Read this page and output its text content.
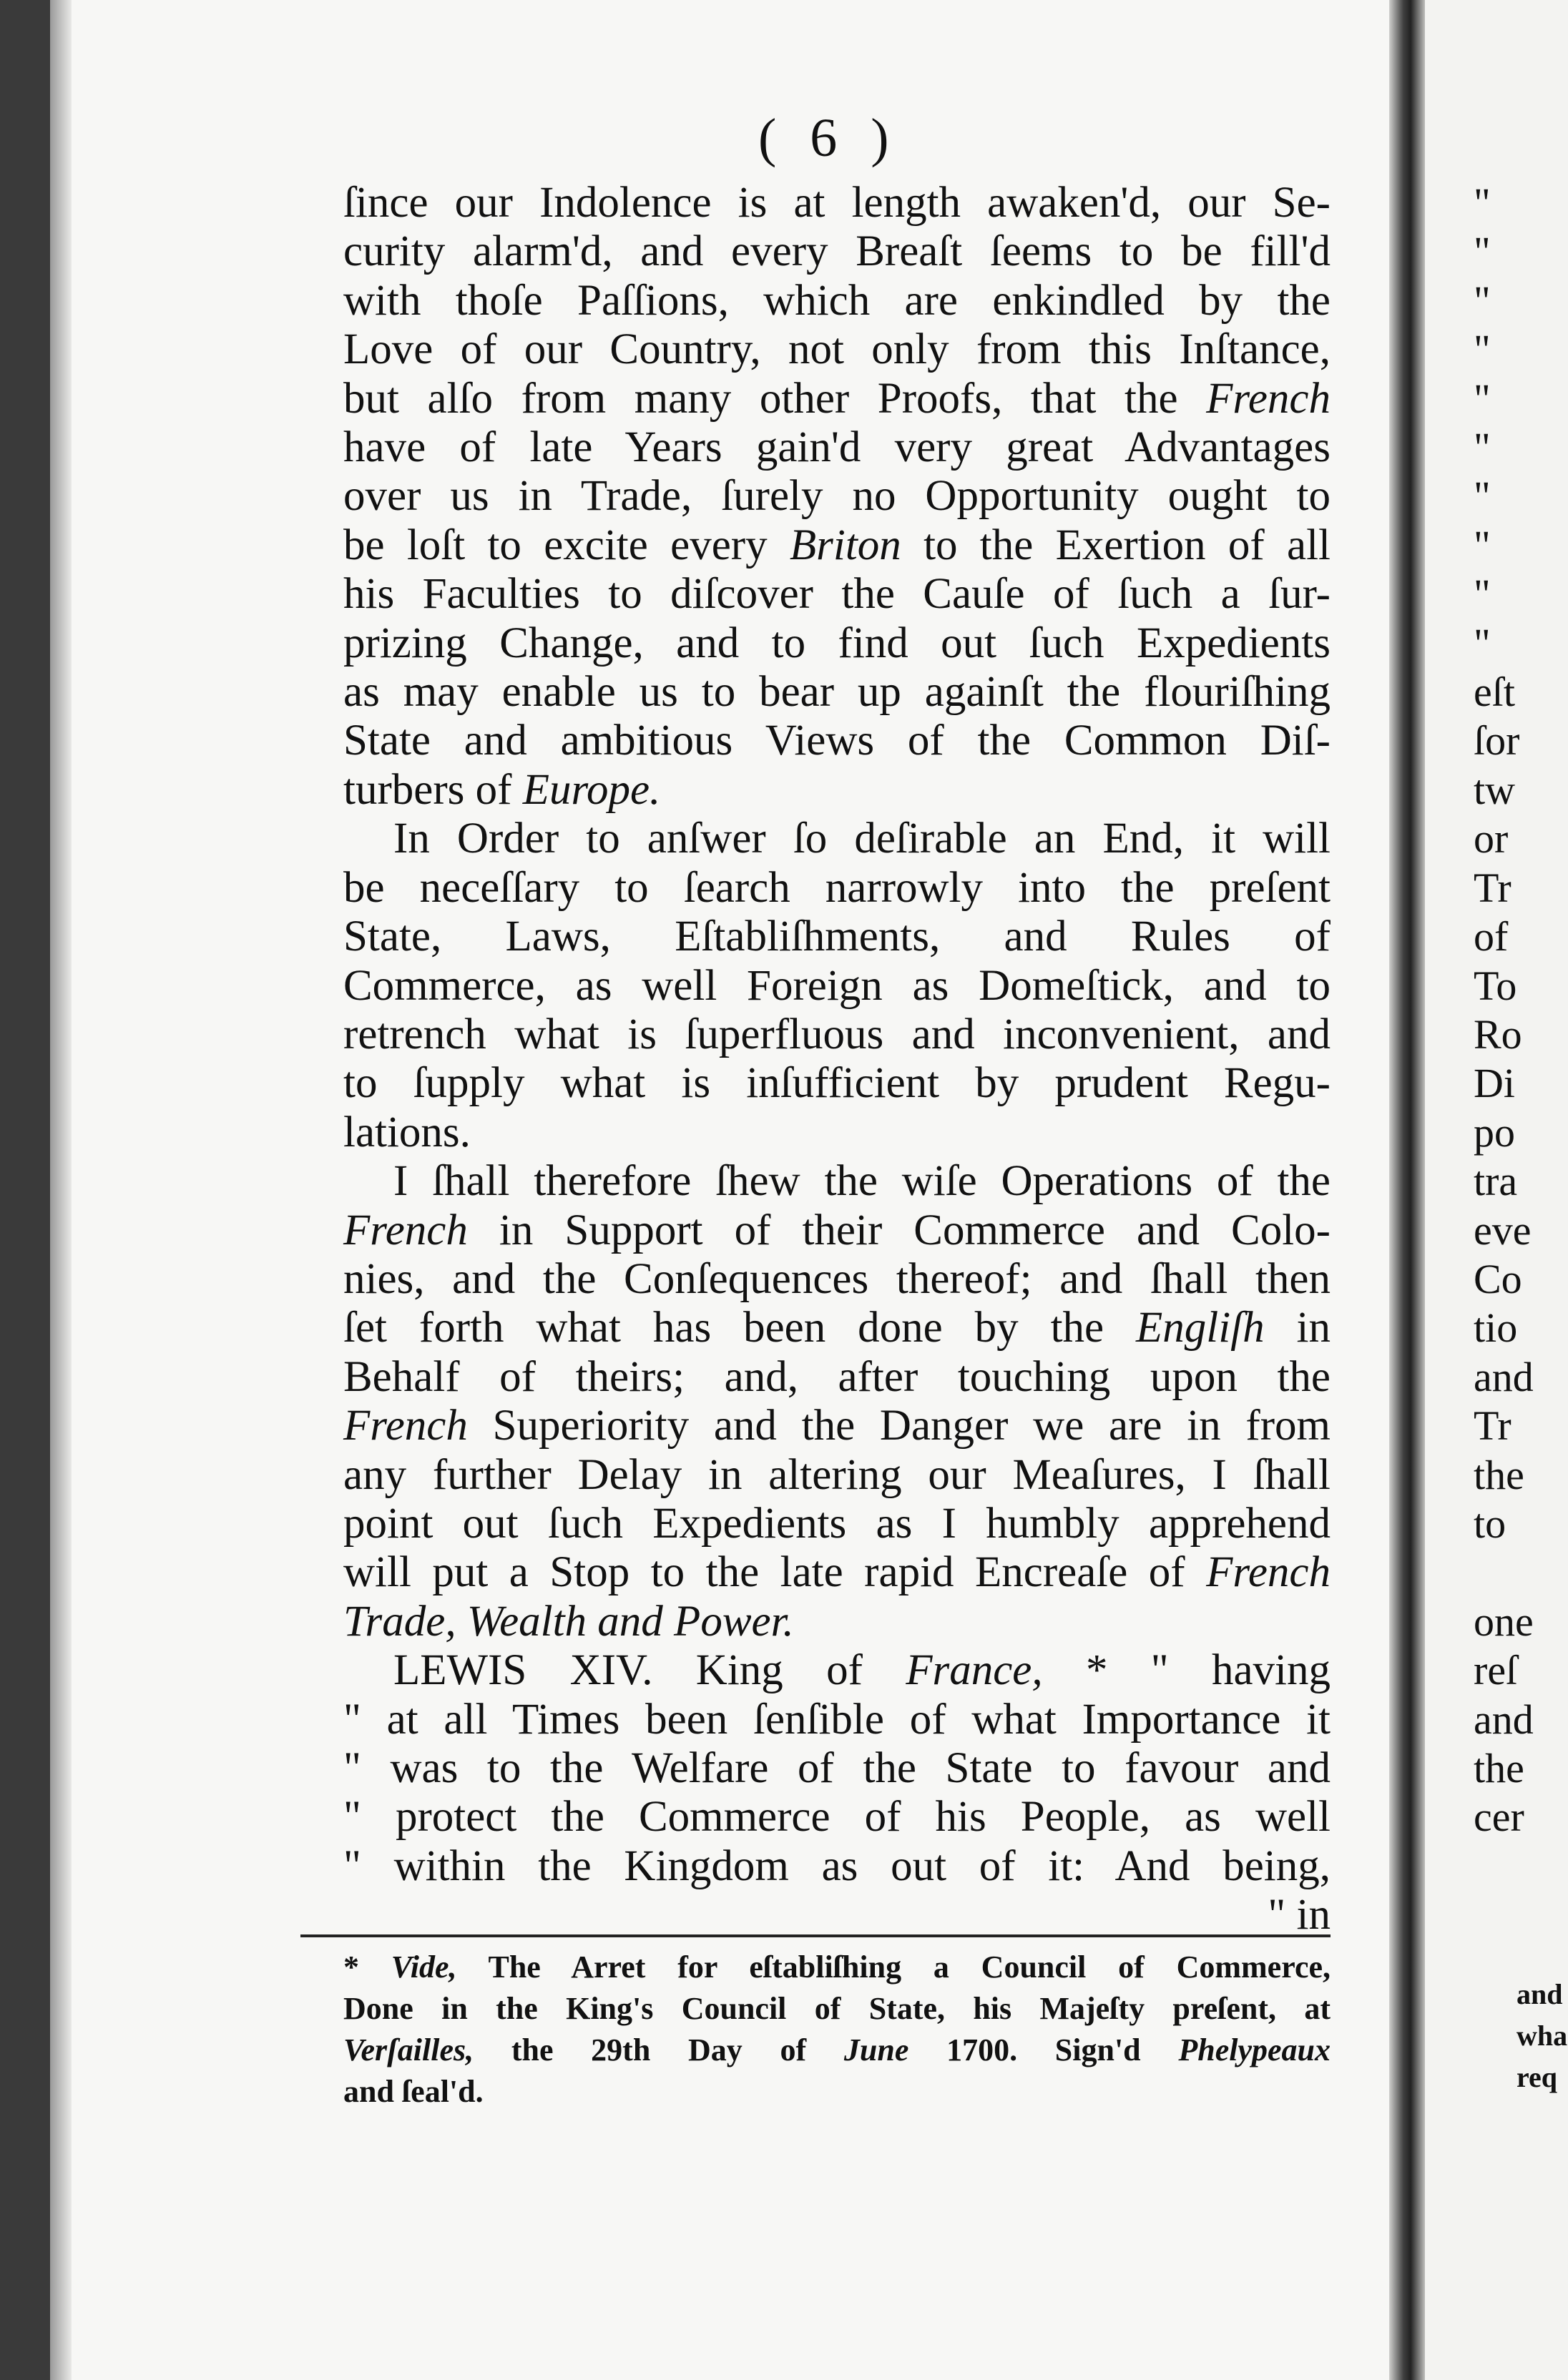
( 6 )
ſince our Indolence is at length awaken'd, our Se-
curity alarm'd, and every Breaſt ſeems to be fill'd
with thoſe Paſſions, which are enkindled by the
Love of our Country, not only from this Inſtance,
but alſo from many other Proofs, that the French
have of late Years gain'd very great Advantages
over us in Trade, ſurely no Opportunity ought to
be loſt to excite every Briton to the Exertion of all
his Faculties to diſcover the Cauſe of ſuch a ſur-
prizing Change, and to find out ſuch Expedients
as may enable us to bear up againſt the flouriſhing
State and ambitious Views of the Common Diſ-
turbers of Europe.
In Order to anſwer ſo deſirable an End, it will
be neceſſary to ſearch narrowly into the preſent
State, Laws, Eſtabliſhments, and Rules of
Commerce, as well Foreign as Domeſtick, and to
retrench what is ſuperfluous and inconvenient, and
to ſupply what is inſufficient by prudent Regu-
lations.
I ſhall therefore ſhew the wiſe Operations of the
French in Support of their Commerce and Colo-
nies, and the Conſequences thereof; and ſhall then
ſet forth what has been done by the Engliſh in
Behalf of theirs; and, after touching upon the
French Superiority and the Danger we are in from
any further Delay in altering our Meaſures, I ſhall
point out ſuch Expedients as I humbly apprehend
will put a Stop to the late rapid Encreaſe of French
Trade, Wealth and Power.
LEWIS XIV. King of France, * " having
" at all Times been ſenſible of what Importance it
" was to the Welfare of the State to favour and
" protect the Commerce of his People, as well
" within the Kingdom as out of it: And being,
" in
* Vide, The Arret for eſtabliſhing a Council of Commerce,
Done in the King's Council of State, his Majeſty preſent, at
Verſailles, the 29th Day of June 1700. Sign'd Phelypeaux
and ſeal'd.
"
"
"
"
"
"
"
"
"
"
eſt
ſor
tw
or
Tr
of
To
Ro
Di
po
tra
eve
Co
tio
and
Tr
the
to

one
reſ
and
the
cer
and
wha
req
